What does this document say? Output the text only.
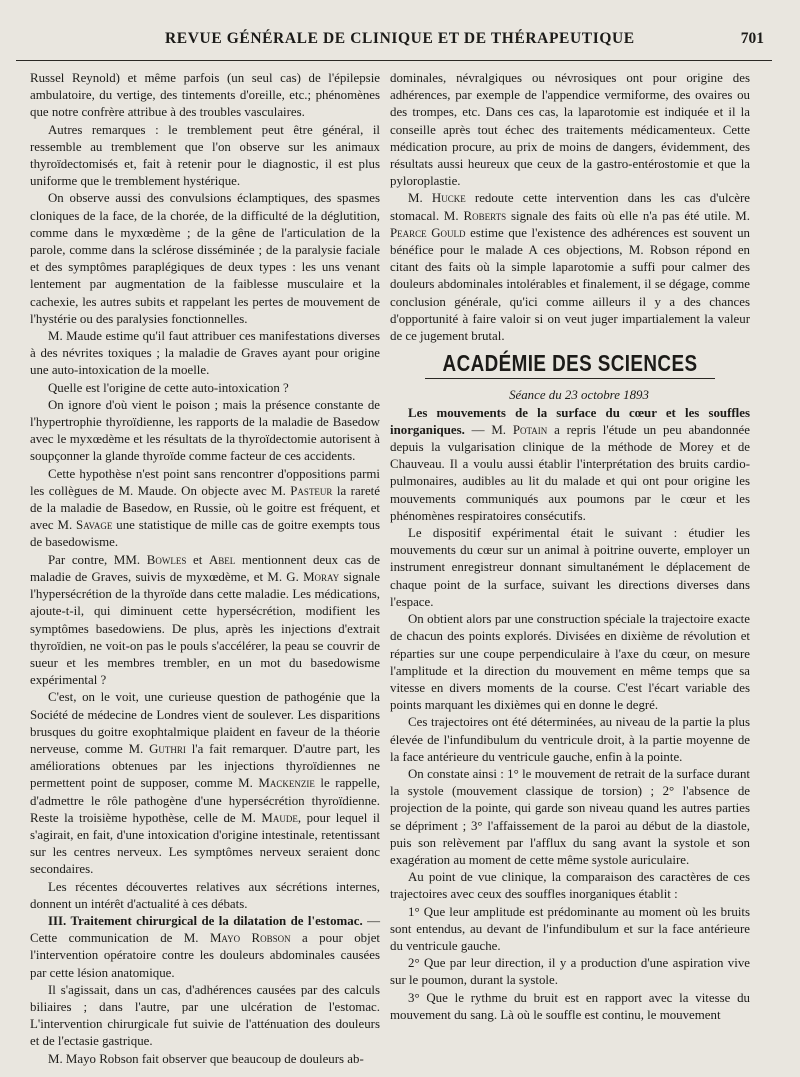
REVUE GÉNÉRALE DE CLINIQUE ET DE THÉRAPEUTIQUE	701

Russel Reynold) et même parfois (un seul cas) de l'épilepsie ambulatoire, du vertige, des tintements d'oreille, etc.; phénomènes que notre confrère attribue à des troubles vasculaires.

Autres remarques : le tremblement peut être général, il ressemble au tremblement que l'on observe sur les animaux thyroïdectomisés et, fait à retenir pour le diagnostic, il est plus uniforme que le tremblement hystérique.

On observe aussi des convulsions éclamptiques, des spasmes cloniques de la face, de la chorée, de la difficulté de la déglutition, comme dans le myxœdème ; de la gêne de l'articulation de la parole, comme dans la sclérose disséminée ; de la paralysie faciale et des symptômes paraplégiques de deux types : les uns venant lentement par augmentation de la faiblesse musculaire et la cachexie, les autres subits et rappelant les pertes de mouvement de l'hystérie ou des paralysies fonctionnelles.

M. Maude estime qu'il faut attribuer ces manifestations diverses à des névrites toxiques ; la maladie de Graves ayant pour origine une auto-intoxication de la moelle.

Quelle est l'origine de cette auto-intoxication ?

On ignore d'où vient le poison ; mais la présence constante de l'hypertrophie thyroïdienne, les rapports de la maladie de Basedow avec le myxœdème et les résultats de la thyroïdectomie autorisent à soupçonner la glande thyroïde comme facteur de ces accidents.

Cette hypothèse n'est point sans rencontrer d'oppositions parmi les collègues de M. Maude. On objecte avec M. Pasteur la rareté de la maladie de Basedow, en Russie, où le goitre est fréquent, et avec M. Savage une statistique de mille cas de goitre exempts tous de basedowisme.

Par contre, MM. Bowles et Abel mentionnent deux cas de maladie de Graves, suivis de myxœdème, et M. G. Moray signale l'hypersécrétion de la thyroïde dans cette maladie. Les médications, ajoute-t-il, qui diminuent cette hypersécrétion, modifient les symptômes basedowiens. De plus, après les injections d'extrait thyroïdien, ne voit-on pas le pouls s'accélérer, la peau se couvrir de sueur et les membres trembler, en un mot du basedowisme expérimental ?

C'est, on le voit, une curieuse question de pathogénie que la Société de médecine de Londres vient de soulever. Les disparitions brusques du goitre exophtalmique plaident en faveur de la théorie nerveuse, comme M. Guthri l'a fait remarquer. D'autre part, les améliorations obtenues par les injections thyroïdiennes ne permettent point de supposer, comme M. Mackenzie le rappelle, d'admettre le rôle pathogène d'une hypersécrétion thyroïdienne. Reste la troisième hypothèse, celle de M. Maude, pour lequel il s'agirait, en fait, d'une intoxication d'origine intestinale, retentissant sur les centres nerveux. Les symptômes nerveux seraient donc secondaires.

Les récentes découvertes relatives aux sécrétions internes, donnent un intérêt d'actualité à ces débats.

III. Traitement chirurgical de la dilatation de l'estomac. — Cette communication de M. Mayo Robson a pour objet l'intervention opératoire contre les douleurs abdominales causées par cette lésion anatomique.

Il s'agissait, dans un cas, d'adhérences causées par des calculs biliaires ; dans l'autre, par une ulcération de l'estomac. L'intervention chirurgicale fut suivie de l'atténuation des douleurs et de l'ectasie gastrique.

M. Mayo Robson fait observer que beaucoup de douleurs ab-

dominales, névralgiques ou névrosiques ont pour origine des adhérences, par exemple de l'appendice vermiforme, des ovaires ou des trompes, etc. Dans ces cas, la laparotomie est indiquée et il la conseille après tout échec des traitements médicamenteux. Cette médication procure, au prix de moins de dangers, évidemment, des résultats aussi heureux que ceux de la gastro-entérostomie et que la pyloroplastie.

M. Hucke redoute cette intervention dans les cas d'ulcère stomacal. M. Roberts signale des faits où elle n'a pas été utile. M. Pearce Gould estime que l'existence des adhérences est souvent un bénéfice pour le malade A ces objections, M. Robson répond en citant des faits où la simple laparotomie a suffi pour calmer des douleurs abdominales intolérables et finalement, il se dégage, comme conclusion générale, qu'ici comme ailleurs il y a des chances d'opportunité à faire valoir si on veut juger impartialement la valeur de ce jugement brutal.

ACADÉMIE DES SCIENCES

Séance du 23 octobre 1893

Les mouvements de la surface du cœur et les souffles inorganiques. — M. Potain a repris l'étude un peu abandonnée depuis la vulgarisation clinique de la méthode de Morey et de Chauveau. Il a voulu aussi établir l'interprétation des bruits cardio-pulmonaires, audibles au lit du malade et qui ont pour origine les mouvements communiqués aux poumons par le cœur et les phénomènes respiratoires consécutifs.

Le dispositif expérimental était le suivant : étudier les mouvements du cœur sur un animal à poitrine ouverte, employer un instrument enregistreur donnant simultanément le déplacement de chaque point de la surface, suivant les directions diverses dans l'espace.

On obtient alors par une construction spéciale la trajectoire exacte de chacun des points explorés. Divisées en dixième de révolution et réparties sur une coupe perpendiculaire à l'axe du cœur, on mesure l'amplitude et la direction du mouvement en même temps que sa vitesse en divers moments de la course. C'est l'écart variable des points marquant les dixièmes qui en donne le degré.

Ces trajectoires ont été déterminées, au niveau de la partie la plus élevée de l'infundibulum du ventricule droit, à la partie moyenne de la face antérieure du ventricule gauche, enfin à la pointe.

On constate ainsi : 1° le mouvement de retrait de la surface durant la systole (mouvement classique de torsion) ; 2° l'absence de projection de la pointe, qui garde son niveau quand les autres parties se dépriment ; 3° l'affaissement de la paroi au début de la diastole, puis son relèvement par l'afflux du sang avant la systole et son exagération au moment de cette même systole auriculaire.

Au point de vue clinique, la comparaison des caractères de ces trajectoires avec ceux des souffles inorganiques établit :

1° Que leur amplitude est prédominante au moment où les bruits sont entendus, au devant de l'infundibulum et sur la face antérieure du ventricule gauche.

2° Que par leur direction, il y a production d'une aspiration vive sur le poumon, durant la systole.

3° Que le rythme du bruit est en rapport avec la vitesse du mouvement du sang. Là où le souffle est continu, le mouvement
